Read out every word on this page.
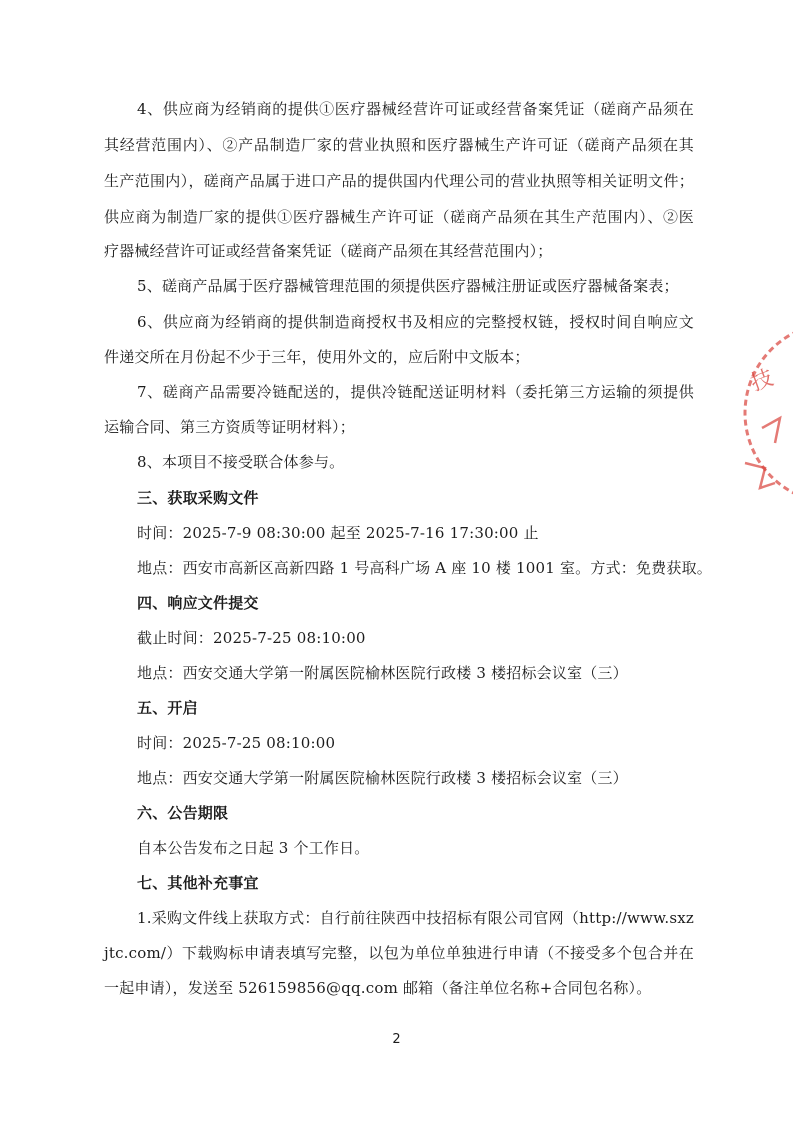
4、供应商为经销商的提供①医疗器械经营许可证或经营备案凭证（磋商产品须在
其经营范围内）、②产品制造厂家的营业执照和医疗器械生产许可证（磋商产品须在其
生产范围内），磋商产品属于进口产品的提供国内代理公司的营业执照等相关证明文件；
供应商为制造厂家的提供①医疗器械生产许可证（磋商产品须在其生产范围内）、②医
疗器械经营许可证或经营备案凭证（磋商产品须在其经营范围内）；
5、磋商产品属于医疗器械管理范围的须提供医疗器械注册证或医疗器械备案表；
6、供应商为经销商的提供制造商授权书及相应的完整授权链，授权时间自响应文
件递交所在月份起不少于三年，使用外文的，应后附中文版本；
7、磋商产品需要冷链配送的，提供冷链配送证明材料（委托第三方运输的须提供
运输合同、第三方资质等证明材料）；
8、本项目不接受联合体参与。
三、获取采购文件
时间：2025-7-9 08:30:00 起至 2025-7-16 17:30:00 止
地点：西安市高新区高新四路 1 号高科广场 A 座 10 楼 1001 室。方式：免费获取。
四、响应文件提交
截止时间：2025-7-25 08:10:00
地点：西安交通大学第一附属医院榆林医院行政楼 3 楼招标会议室（三）
五、开启
时间：2025-7-25 08:10:00
地点：西安交通大学第一附属医院榆林医院行政楼 3 楼招标会议室（三）
六、公告期限
自本公告发布之日起 3 个工作日。
七、其他补充事宜
1.采购文件线上获取方式：自行前往陕西中技招标有限公司官网（http://www.sxz
jtc.com/）下载购标申请表填写完整，以包为单位单独进行申请（不接受多个包合并在
一起申请），发送至 526159856@qq.com 邮箱（备注单位名称+合同包名称）。
2
技
